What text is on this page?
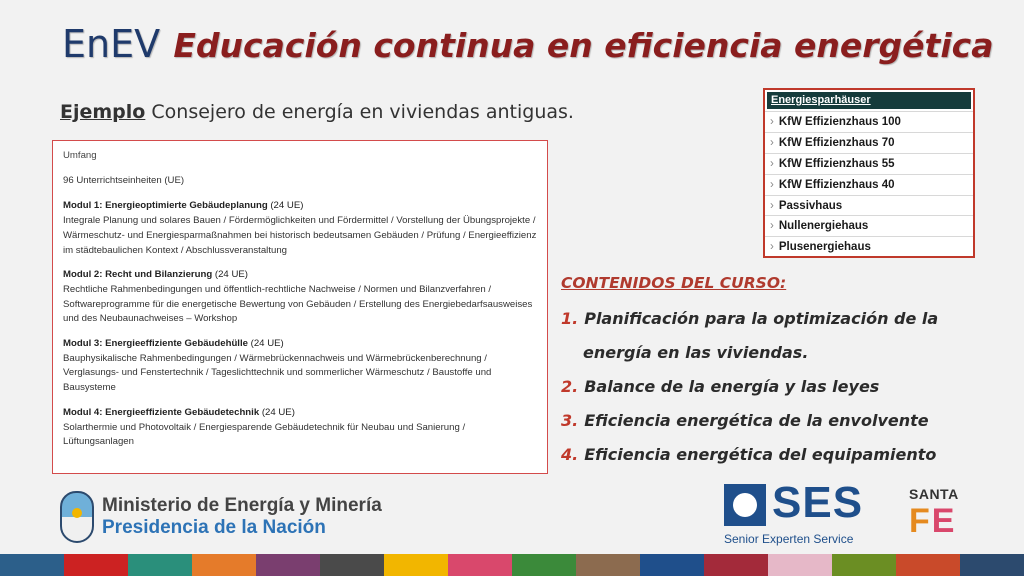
EnEV Educación continua en eficiencia energética
Ejemplo Consejero de energía en viviendas antiguas.
Umfang
96 Unterrichtseinheiten (UE)
Modul 1: Energieoptimierte Gebäudeplanung (24 UE)
Integrale Planung und solares Bauen / Fördermöglichkeiten und Fördermittel / Vorstellung der Übungsprojekte / Wärmeschutz- und Energiesparmaßnahmen bei historisch bedeutsamen Gebäuden / Prüfung / Energieeffizienz im städtebaulichen Kontext / Abschlussveranstaltung
Modul 2: Recht und Bilanzierung (24 UE)
Rechtliche Rahmenbedingungen und öffentlich-rechtliche Nachweise / Normen und Bilanzverfahren / Softwareprogramme für die energetische Bewertung von Gebäuden / Erstellung des Energiebedarfsausweises und des Neubaunachweises – Workshop
Modul 3: Energieeffiziente Gebäudehülle (24 UE)
Bauphysikalische Rahmenbedingungen / Wärmebrückennachweis und Wärmebrückenberechnung / Verglasungs- und Fenstertechnik / Tageslichttechnik und sommerlicher Wärmeschutz / Baustoffe und Bausysteme
Modul 4: Energieeffiziente Gebäudetechnik (24 UE)
Solarthermie und Photovoltaik / Energiesparende Gebäudetechnik für Neubau und Sanierung / Lüftungsanlagen
Energiesparhäuser
› KfW Effizienzhaus 100
› KfW Effizienzhaus 70
› KfW Effizienzhaus 55
› KfW Effizienzhaus 40
› Passivhaus
› Nullenergiehaus
› Plusenergiehaus
CONTENIDOS DEL CURSO:
1. Planificación para la optimización de la
energía en las viviendas.
2. Balance de la energía y las leyes
3. Eficiencia energética de la envolvente
4. Eficiencia energética del equipamiento
Ministerio de Energía y Minería
Presidencia de la Nación
SES
Senior Experten Service
SANTA
F E
